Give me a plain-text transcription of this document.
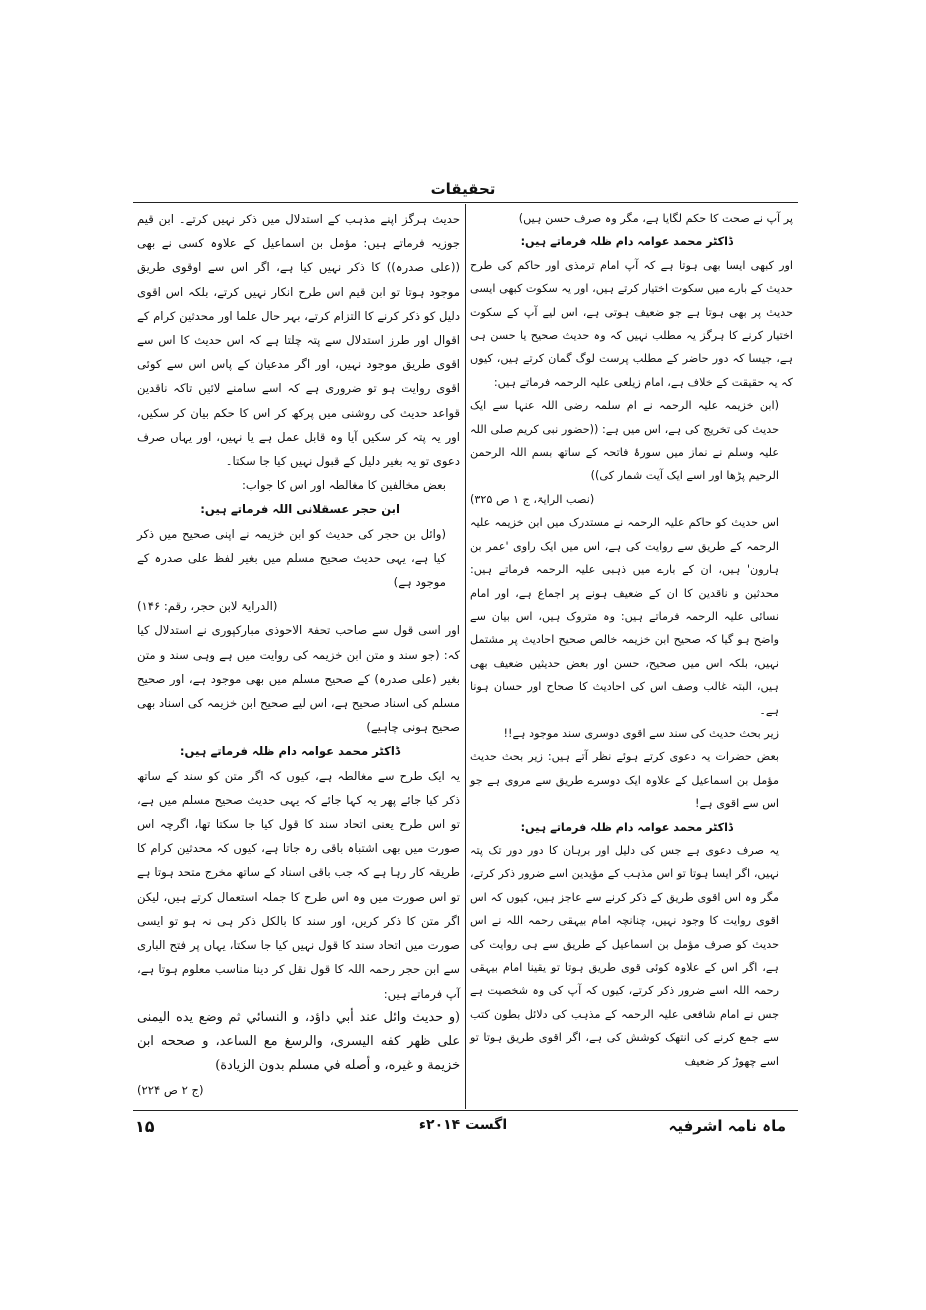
تحقیقات

پر آپ نے صحت کا حکم لگایا ہے، مگر وہ صرف حسن ہیں)

ڈاکٹر محمد عوامہ دام ظلہ فرماتے ہیں:

اور کبھی ایسا بھی ہوتا ہے کہ آپ امام ترمذی اور حاکم کی طرح حدیث کے بارے میں سکوت اختیار کرتے ہیں، اور یہ سکوت کبھی ایسی حدیث پر بھی ہوتا ہے جو ضعیف ہوتی ہے، اس لیے آپ کے سکوت اختیار کرنے کا ہرگز یہ مطلب نہیں کہ وہ حدیث صحیح یا حسن ہی ہے، جیسا کہ دور حاضر کے مطلب پرست لوگ گمان کرتے ہیں، کیوں کہ یہ حقیقت کے خلاف ہے، امام زیلعی علیہ الرحمہ فرماتے ہیں:

(ابن خزیمہ علیہ الرحمہ نے ام سلمہ رضی اللہ عنہا سے ایک حدیث کی تخریج کی ہے، اس میں ہے: ((حضور نبی کریم صلی اللہ علیہ وسلم نے نماز میں سورۂ فاتحہ کے ساتھ بسم اللہ الرحمن الرحیم پڑھا اور اسے ایک آیت شمار کی))

(نصب الرایۃ، ج ۱ ص ۳۲۵)

اس حدیث کو حاکم علیہ الرحمہ نے مستدرک میں ابن خزیمہ علیہ الرحمہ کے طریق سے روایت کی ہے، اس میں ایک راوی 'عمر بن ہارون' ہیں، ان کے بارے میں ذہبی علیہ الرحمہ فرماتے ہیں: محدثین و ناقدین کا ان کے ضعیف ہونے پر اجماع ہے، اور امام نسائی علیہ الرحمہ فرماتے ہیں: وہ متروک ہیں، اس بیان سے واضح ہو گیا کہ صحیح ابن خزیمہ خالص صحیح احادیث پر مشتمل نہیں، بلکہ اس میں صحیح، حسن اور بعض حدیثیں ضعیف بھی ہیں، البتہ غالب وصف اس کی احادیث کا صحاح اور حسان ہونا ہے۔

زیر بحث حدیث کی سند سے اقوی دوسری سند موجود ہے!!

بعض حضرات یہ دعوی کرتے ہوئے نظر آتے ہیں: زیر بحث حدیث مؤمل بن اسماعیل کے علاوہ ایک دوسرے طریق سے مروی ہے جو اس سے اقوی ہے!

ڈاکٹر محمد عوامہ دام ظلہ فرماتے ہیں:

یہ صرف دعوی ہے جس کی دلیل اور برہان کا دور دور تک پتہ نہیں، اگر ایسا ہوتا تو اس مذہب کے مؤیدین اسے ضرور ذکر کرتے، مگر وہ اس اقوی طریق کے ذکر کرنے سے عاجز ہیں، کیوں کہ اس اقوی روایت کا وجود نہیں، چنانچہ امام بیہقی رحمہ اللہ نے اس حدیث کو صرف مؤمل بن اسماعیل کے طریق سے ہی روایت کی ہے، اگر اس کے علاوہ کوئی قوی طریق ہوتا تو یقینا امام بیہقی رحمہ اللہ اسے ضرور ذکر کرتے، کیوں کہ آپ کی وہ شخصیت ہے جس نے امام شافعی علیہ الرحمہ کے مذہب کی دلائل بطون کتب سے جمع کرنے کی انتھک کوشش کی ہے، اگر اقوی طریق ہوتا تو اسے چھوڑ کر ضعیف

حدیث ہرگز اپنے مذہب کے استدلال میں ذکر نہیں کرتے۔ ابن قیم جوزیہ فرماتے ہیں: مؤمل بن اسماعیل کے علاوہ کسی نے بھی ((علی صدرہ)) کا ذکر نہیں کیا ہے، اگر اس سے اوقوی طریق موجود ہوتا تو ابن قیم اس طرح انکار نہیں کرتے، بلکہ اس اقوی دلیل کو ذکر کرنے کا التزام کرتے، بہر حال علما اور محدثین کرام کے اقوال اور طرز استدلال سے پتہ چلتا ہے کہ اس حدیث کا اس سے اقوی طریق موجود نہیں، اور اگر مدعیان کے پاس اس سے کوئی اقوی روایت ہو تو ضروری ہے کہ اسے سامنے لائیں تاکہ ناقدین قواعد حدیث کی روشنی میں پرکھ کر اس کا حکم بیان کر سکیں، اور یہ پتہ کر سکیں آیا وہ قابل عمل ہے یا نہیں، اور یہاں صرف دعوی تو یہ بغیر دلیل کے قبول نہیں کیا جا سکتا۔

بعض مخالفین کا مغالطہ اور اس کا جواب:

ابن حجر عسقلانی اللہ فرماتے ہیں:

(وائل بن حجر کی حدیث کو ابن خزیمہ نے اپنی صحیح میں ذکر کیا ہے، یہی حدیث صحیح مسلم میں بغیر لفظ علی صدرہ کے موجود ہے)

(الدرایۃ لابن حجر، رقم: ۱۴۶)

اور اسی قول سے صاحب تحفۃ الاحوذی مبارکپوری نے استدلال کیا کہ: (جو سند و متن ابن خزیمہ کی روایت میں ہے وہی سند و متن بغیر (علی صدرہ) کے صحیح مسلم میں بھی موجود ہے، اور صحیح مسلم کی اسناد صحیح ہے، اس لیے صحیح ابن خزیمہ کی اسناد بھی صحیح ہونی چاہیے)

ڈاکٹر محمد عوامہ دام ظلہ فرماتے ہیں:

یہ ایک طرح سے مغالطہ ہے، کیوں کہ اگر متن کو سند کے ساتھ ذکر کیا جائے پھر یہ کہا جائے کہ یہی حدیث صحیح مسلم میں ہے، تو اس طرح یعنی اتحاد سند کا قول کیا جا سکتا تھا، اگرچہ اس صورت میں بھی اشتباہ باقی رہ جاتا ہے، کیوں کہ محدثین کرام کا طریقہ کار رہا ہے کہ جب باقی اسناد کے ساتھ مخرج متحد ہوتا ہے تو اس صورت میں وہ اس طرح کا جملہ استعمال کرتے ہیں، لیکن اگر متن کا ذکر کریں، اور سند کا بالکل ذکر ہی نہ ہو تو ایسی صورت میں اتحاد سند کا قول نہیں کیا جا سکتا، یہاں پر فتح الباری سے ابن حجر رحمہ اللہ کا قول نقل کر دینا مناسب معلوم ہوتا ہے، آپ فرماتے ہیں:

(و حديث وائل عند أبي داؤد، و النسائي ثم وضع يده اليمنى على ظهر كفه اليسرى، والرسغ مع الساعد، و صححه ابن خزيمة و غيره، و أصله في مسلم بدون الزيادة)

(ج ۲ ص ۲۲۴)

ماہ نامہ اشرفیہ
اگست ۲۰۱۴ء
۱۵
